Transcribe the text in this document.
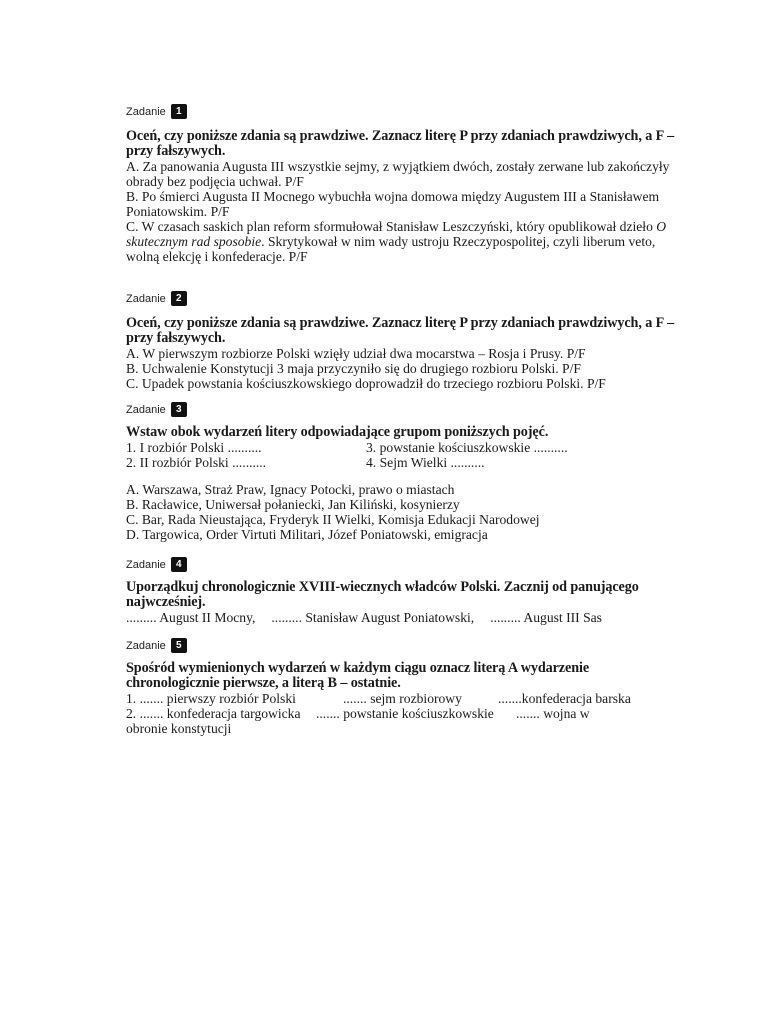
Zadanie	1
Oceń, czy poniższe zdania są prawdziwe. Zaznacz literę P przy zdaniach prawdziwych, a F – przy fałszywych.
A. Za panowania Augusta III wszystkie sejmy, z wyjątkiem dwóch, zostały zerwane lub zakończyły obrady bez podjęcia uchwał. P/F
B. Po śmierci Augusta II Mocnego wybuchła wojna domowa między Augustem III a Stanisławem Poniatowskim. P/F
C. W czasach saskich plan reform sformułował Stanisław Leszczyński, który opublikował dzieło O skutecznym rad sposobie. Skrytykował w nim wady ustroju Rzeczypospolitej, czyli liberum veto, wolną elekcję i konfederacje. P/F
Zadanie	2
Oceń, czy poniższe zdania są prawdziwe. Zaznacz literę P przy zdaniach prawdziwych, a F – przy fałszywych.
A. W pierwszym rozbiorze Polski wzięły udział dwa mocarstwa – Rosja i Prusy. P/F
B. Uchwalenie Konstytucji 3 maja przyczyniło się do drugiego rozbioru Polski. P/F
C. Upadek powstania kościuszkowskiego doprowadził do trzeciego rozbioru Polski. P/F
Zadanie	3
Wstaw obok wydarzeń litery odpowiadające grupom poniższych pojęć.
1. I rozbiór Polski ..........	3. powstanie kościuszkowskie ..........
2. II rozbiór Polski ..........	4. Sejm Wielki ..........
A. Warszawa, Straż Praw, Ignacy Potocki, prawo o miastach
B. Racławice, Uniwersał połaniecki, Jan Kiliński, kosynierzy
C. Bar, Rada Nieustająca, Fryderyk II Wielki, Komisja Edukacji Narodowej
D. Targowica, Order Virtuti Militari, Józef Poniatowski, emigracja
Zadanie	4
Uporządkuj chronologicznie XVIII-wiecznych władców Polski. Zacznij od panującego najwcześniej.
......... August II Mocny, ......... Stanisław August Poniatowski, ......... August III Sas
Zadanie	5
Spośród wymienionych wydarzeń w każdym ciągu oznacz literą A wydarzenie chronologicznie pierwsze, a literą B – ostatnie.
1. ....... pierwszy rozbiór Polski	....... sejm rozbiorowy	.......konfederacja barska
2. ....... konfederacja targowicka	....... powstanie kościuszkowskie	....... wojna w
obronie konstytucji
